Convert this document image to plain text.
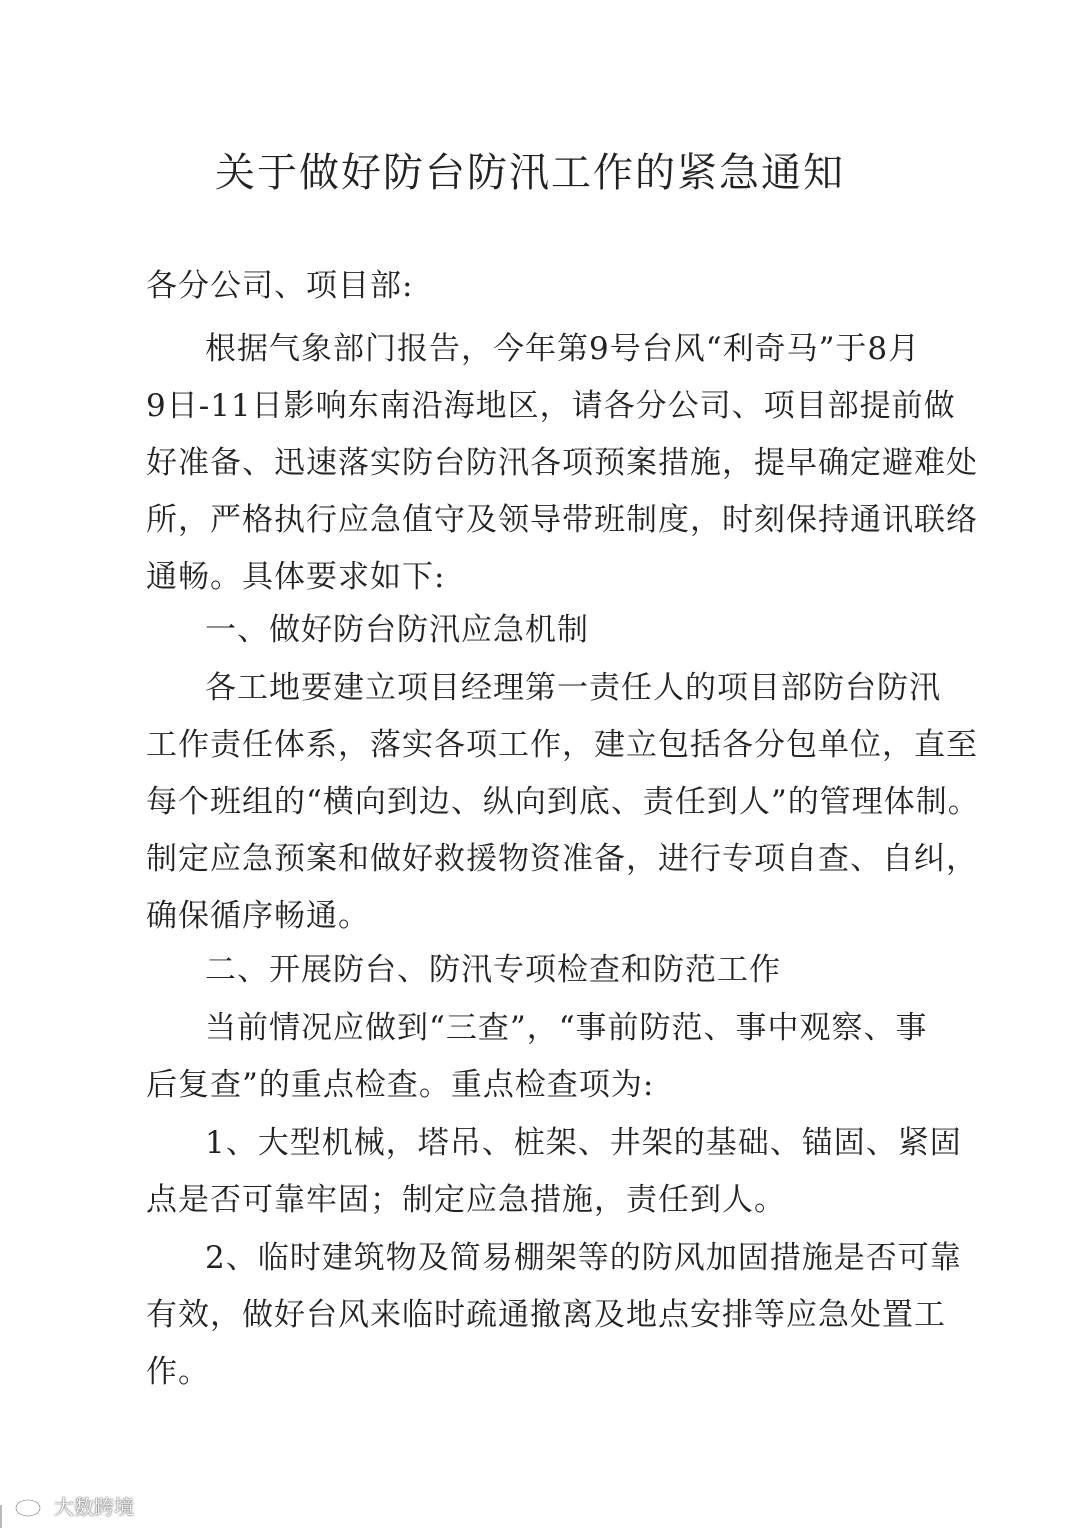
关于做好防台防汛工作的紧急通知
各分公司、项目部:
根据气象部门报告，今年第9号台风“利奇马”于8月
9日-11日影响东南沿海地区，请各分公司、项目部提前做
好准备、迅速落实防台防汛各项预案措施，提早确定避难处
所，严格执行应急值守及领导带班制度，时刻保持通讯联络
通畅。具体要求如下:
一、做好防台防汛应急机制
各工地要建立项目经理第一责任人的项目部防台防汛
工作责任体系，落实各项工作，建立包括各分包单位，直至
每个班组的“横向到边、纵向到底、责任到人”的管理体制。
制定应急预案和做好救援物资准备，进行专项自查、自纠，
确保循序畅通。
二、开展防台、防汛专项检查和防范工作
当前情况应做到“三查”，“事前防范、事中观察、事
后复查”的重点检查。重点检查项为:
1、大型机械，塔吊、桩架、井架的基础、锚固、紧固
点是否可靠牢固；制定应急措施，责任到人。
2、临时建筑物及简易棚架等的防风加固措施是否可靠
有效，做好台风来临时疏通撤离及地点安排等应急处置工
作。
大数跨境
